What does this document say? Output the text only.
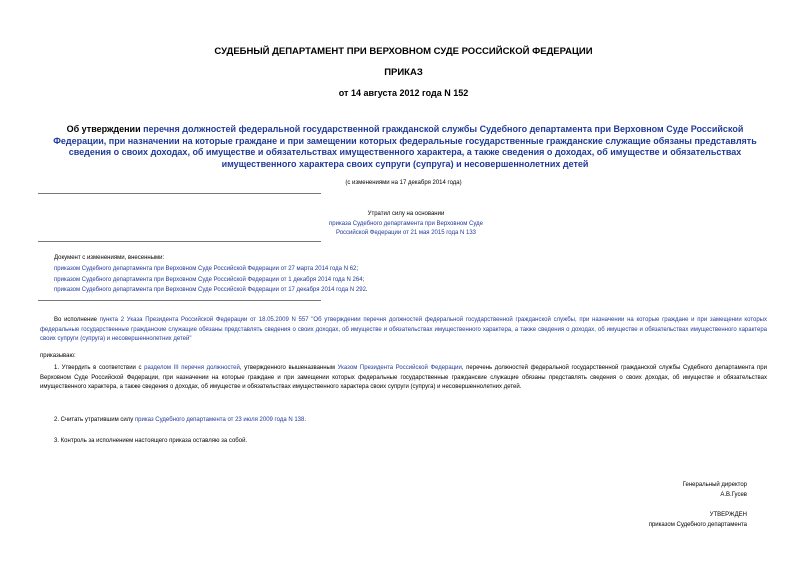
СУДЕБНЫЙ ДЕПАРТАМЕНТ ПРИ ВЕРХОВНОМ СУДЕ РОССИЙСКОЙ ФЕДЕРАЦИИ
ПРИКАЗ
от 14 августа 2012 года N 152
Об утверждении перечня должностей федеральной государственной гражданской службы Судебного департамента при Верховном Суде Российской Федерации, при назначении на которые граждане и при замещении которых федеральные государственные гражданские служащие обязаны представлять сведения о своих доходах, об имуществе и обязательствах имущественного характера, а также сведения о доходах, об имуществе и обязательствах имущественного характера своих супруги (супруга) и несовершеннолетних детей
(с изменениями на 17 декабря 2014 года)
Утратил силу на основании
приказа Судебного департамента при Верховном Суде
Российской Федерации от 21 мая 2015 года N 133
Документ с изменениями, внесенными:
приказом Судебного департамента при Верховном Суде Российской Федерации от 27 марта 2014 года N 62;
приказом Судебного департамента при Верховном Суде Российской Федерации от 1 декабря 2014 года N 264;
приказом Судебного департамента при Верховном Суде Российской Федерации от 17 декабря 2014 года N 292.
Во исполнение пункта 2 Указа Президента Российской Федерации от 18.05.2009 N 557 "Об утверждении перечня должностей федеральной государственной гражданской службы, при назначении на которые граждане и при замещении которых федеральные государственные гражданские служащие обязаны представлять сведения о своих доходах, об имуществе и обязательствах имущественного характера, а также сведения о доходах, об имуществе и обязательствах имущественного характера своих супруги (супруга) и несовершеннолетних детей"
приказываю:
1. Утвердить в соответствии с разделом III перечня должностей, утвержденного вышеназванным Указом Президента Российской Федерации, перечень должностей федеральной государственной гражданской службы Судебного департамента при Верховном Суде Российской Федерации, при назначении на которые граждане и при замещении которых федеральные государственные гражданские служащие обязаны представлять сведения о своих доходах, об имуществе и обязательствах имущественного характера, а также сведения о доходах, об имуществе и обязательствах имущественного характера своих супруги (супруга) и несовершеннолетних детей.
2. Считать утратившим силу приказ Судебного департамента от 23 июля 2009 года N 138.
3. Контроль за исполнением настоящего приказа оставляю за собой.
Генеральный директор
А.В.Гусев
УТВЕРЖДЕН
приказом Судебного департамента
